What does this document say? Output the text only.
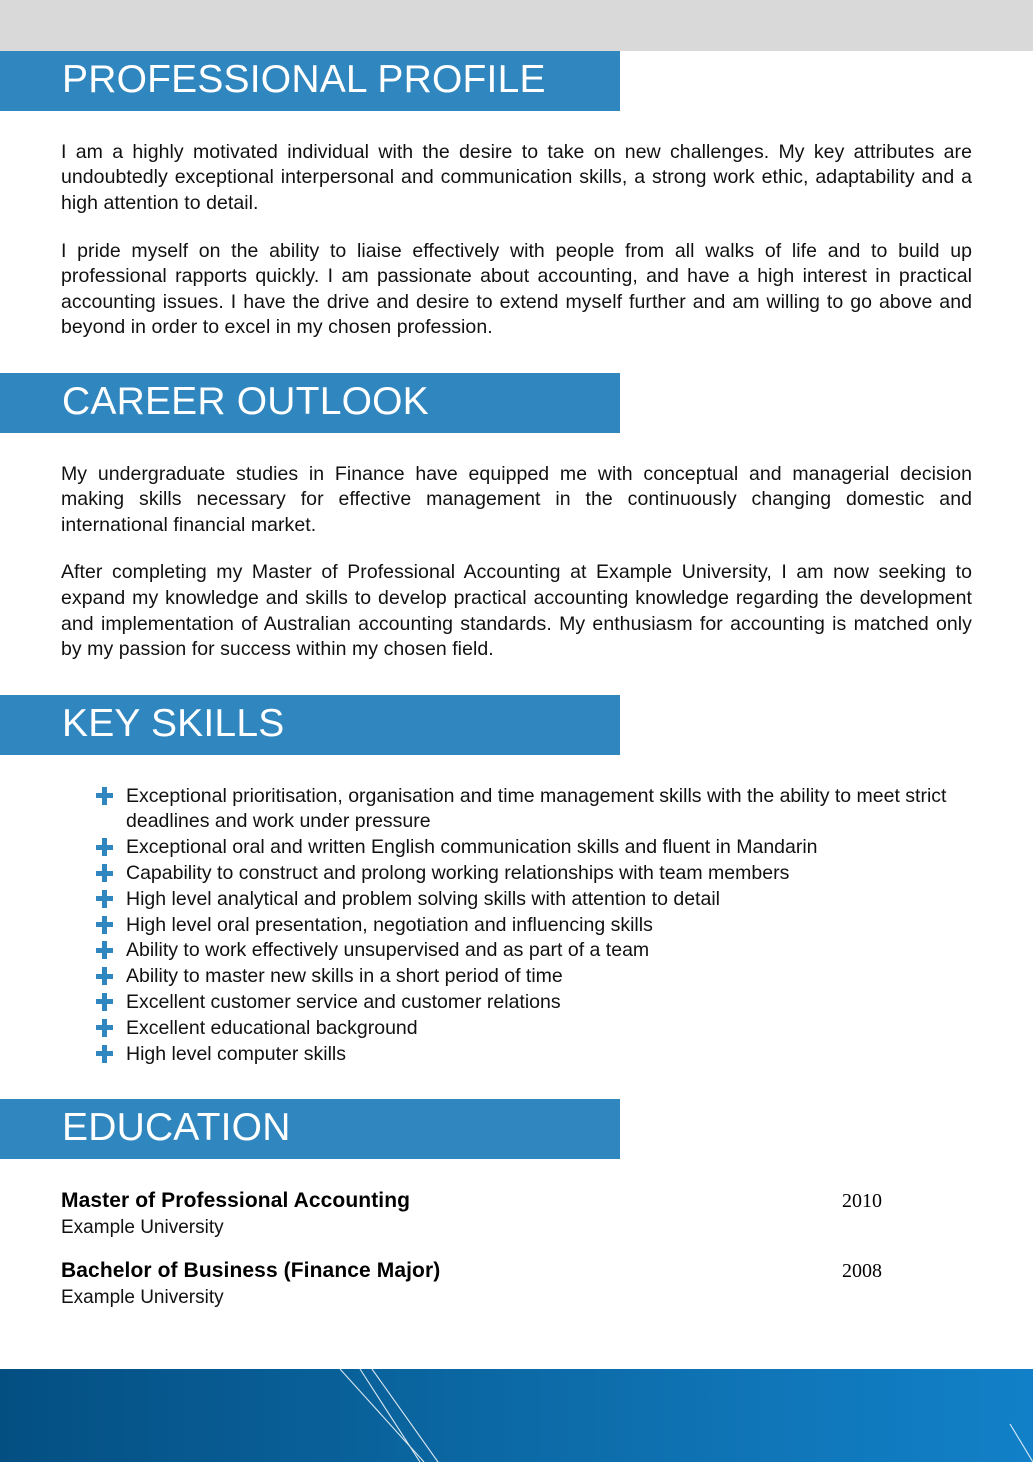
PROFESSIONAL PROFILE

I am a highly motivated individual with the desire to take on new challenges. My key attributes are undoubtedly exceptional interpersonal and communication skills, a strong work ethic, adaptability and a high attention to detail.

I pride myself on the ability to liaise effectively with people from all walks of life and to build up professional rapports quickly. I am passionate about accounting, and have a high interest in practical accounting issues. I have the drive and desire to extend myself further and am willing to go above and beyond in order to excel in my chosen profession.

CAREER OUTLOOK

My undergraduate studies in Finance have equipped me with conceptual and managerial decision making skills necessary for effective management in the continuously changing domestic and international financial market.

After completing my Master of Professional Accounting at Example University, I am now seeking to expand my knowledge and skills to develop practical accounting knowledge regarding the development and implementation of Australian accounting standards. My enthusiasm for accounting is matched only by my passion for success within my chosen field.

KEY SKILLS
Exceptional prioritisation, organisation and time management skills with the ability to meet strict deadlines and work under pressure
Exceptional oral and written English communication skills and fluent in Mandarin
Capability to construct and prolong working relationships with team members
High level analytical and problem solving skills with attention to detail
High level oral presentation, negotiation and influencing skills
Ability to work effectively unsupervised and as part of a team
Ability to master new skills in a short period of time
Excellent customer service and customer relations
Excellent educational background
High level computer skills
EDUCATION
Master of Professional Accounting	2010
Example University
Bachelor of Business (Finance Major)	2008
Example University
